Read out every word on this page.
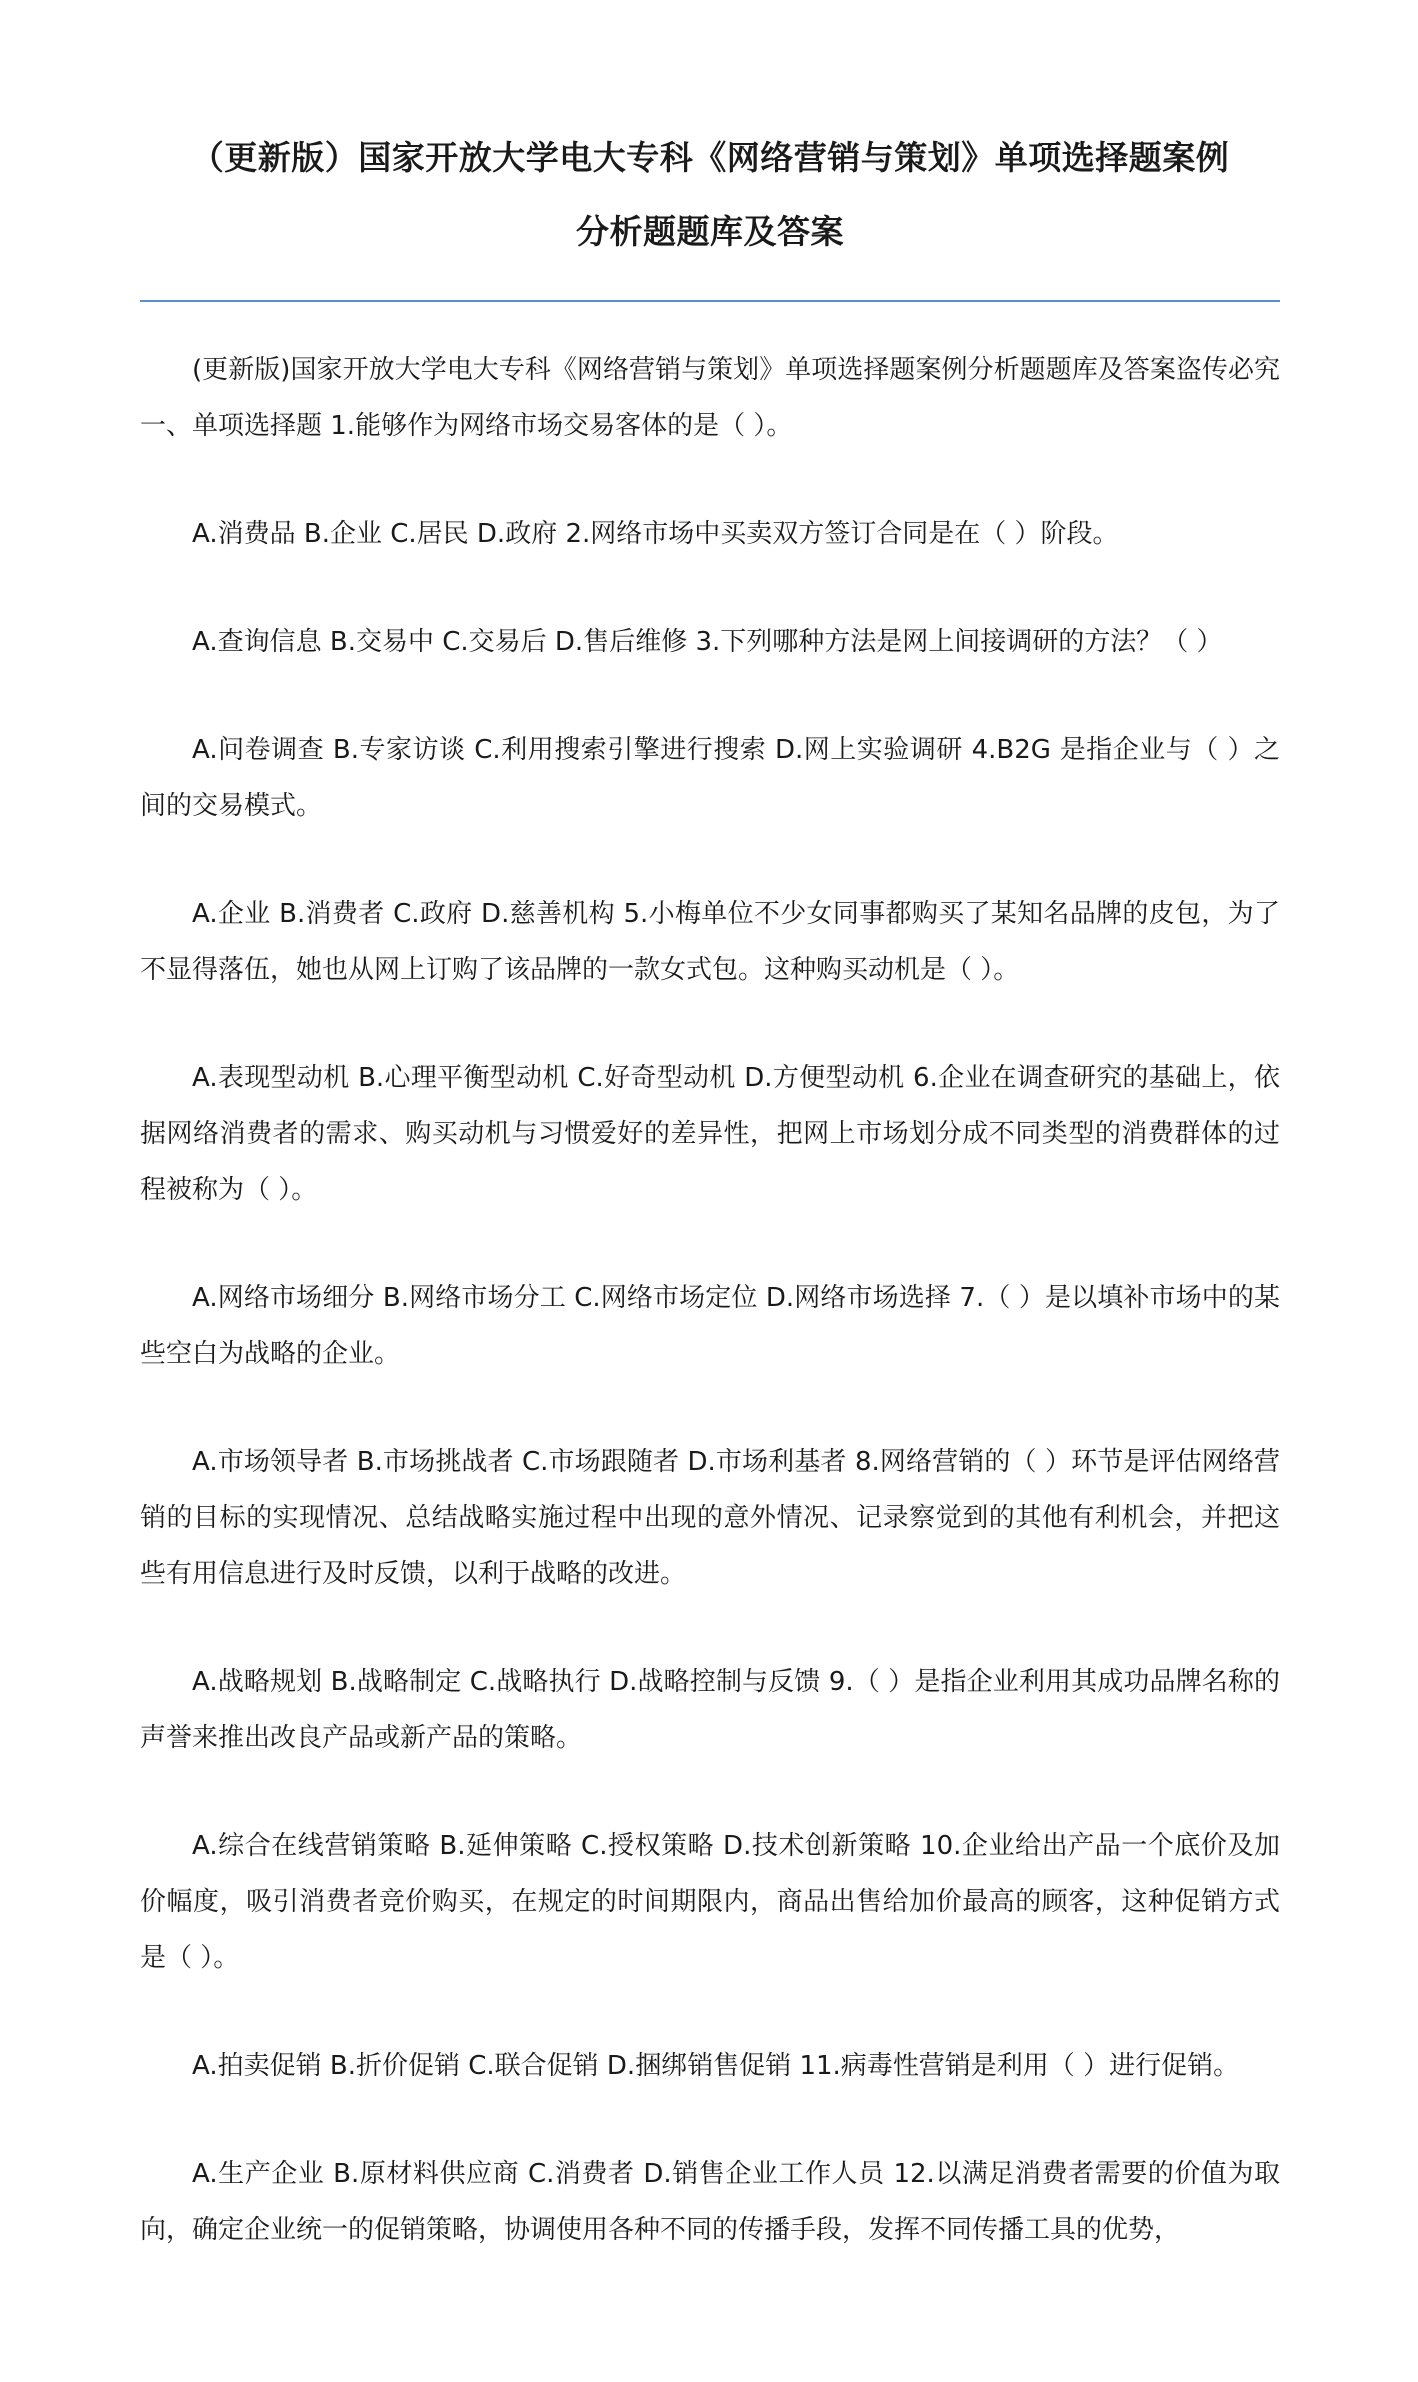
（更新版）国家开放大学电大专科《网络营销与策划》单项选择题案例
分析题题库及答案

(更新版)国家开放大学电大专科《网络营销与策划》单项选择题案例分析题题库及答案盗传必究一、单项选择题 1.能够作为网络市场交易客体的是（ ）。

A.消费品 B.企业 C.居民 D.政府 2.网络市场中买卖双方签订合同是在（ ）阶段。

A.查询信息 B.交易中 C.交易后 D.售后维修 3.下列哪种方法是网上间接调研的方法？（ ）

A.问卷调查 B.专家访谈 C.利用搜索引擎进行搜索 D.网上实验调研 4.B2G 是指企业与（ ）之间的交易模式。

A.企业 B.消费者 C.政府 D.慈善机构 5.小梅单位不少女同事都购买了某知名品牌的皮包，为了不显得落伍，她也从网上订购了该品牌的一款女式包。这种购买动机是（ ）。

A.表现型动机 B.心理平衡型动机 C.好奇型动机 D.方便型动机 6.企业在调查研究的基础上，依据网络消费者的需求、购买动机与习惯爱好的差异性，把网上市场划分成不同类型的消费群体的过程被称为（ ）。

A.网络市场细分 B.网络市场分工 C.网络市场定位 D.网络市场选择 7.（ ）是以填补市场中的某些空白为战略的企业。

A.市场领导者 B.市场挑战者 C.市场跟随者 D.市场利基者 8.网络营销的（ ）环节是评估网络营销的目标的实现情况、总结战略实施过程中出现的意外情况、记录察觉到的其他有利机会，并把这些有用信息进行及时反馈，以利于战略的改进。

A.战略规划 B.战略制定 C.战略执行 D.战略控制与反馈 9.（ ）是指企业利用其成功品牌名称的声誉来推出改良产品或新产品的策略。

A.综合在线营销策略 B.延伸策略 C.授权策略 D.技术创新策略 10.企业给出产品一个底价及加价幅度，吸引消费者竞价购买，在规定的时间期限内，商品出售给加价最高的顾客，这种促销方式是（ ）。

A.拍卖促销 B.折价促销 C.联合促销 D.捆绑销售促销 11.病毒性营销是利用（ ）进行促销。

A.生产企业 B.原材料供应商 C.消费者 D.销售企业工作人员 12.以满足消费者需要的价值为取向，确定企业统一的促销策略，协调使用各种不同的传播手段，发挥不同传播工具的优势，
